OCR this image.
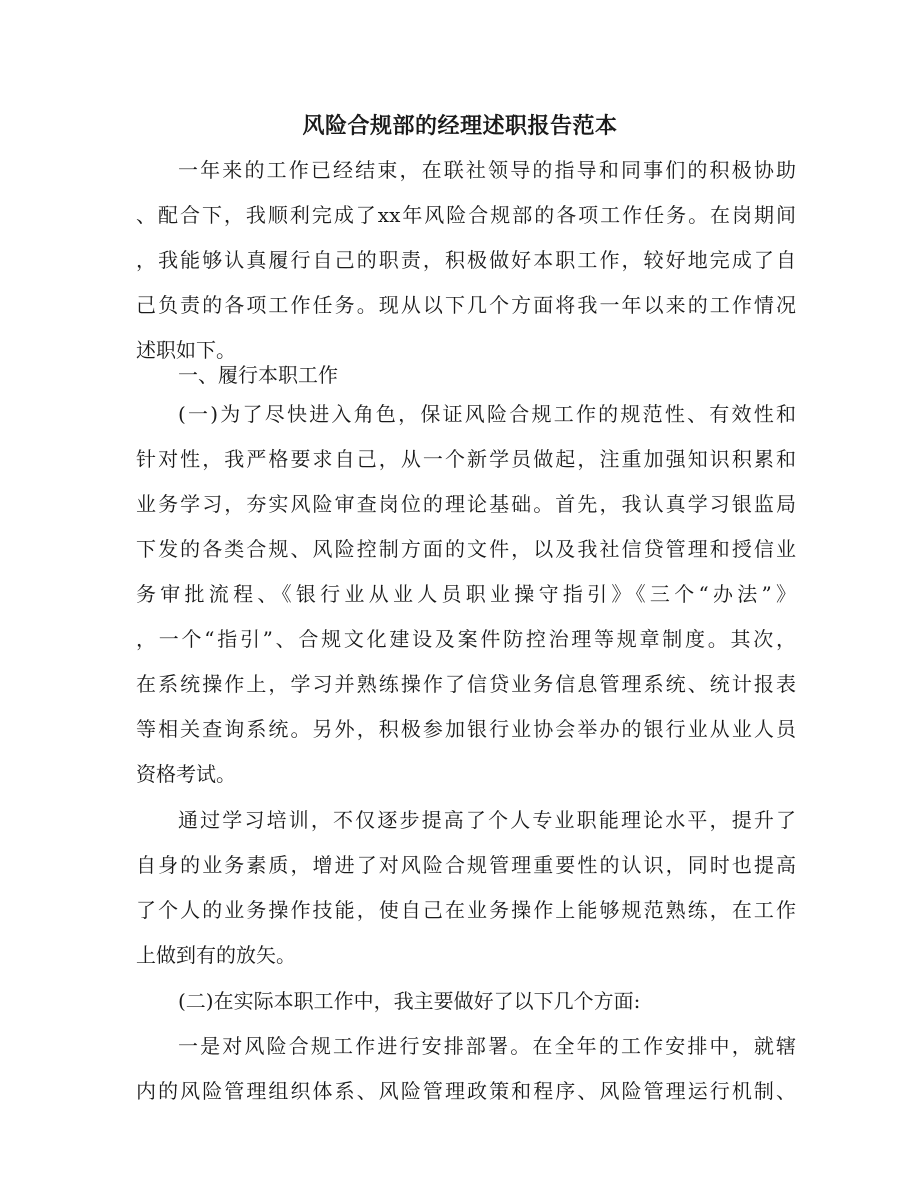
风险合规部的经理述职报告范本
一年来的工作已经结束，在联社领导的指导和同事们的积极协助
、配合下，我顺利完成了xx年风险合规部的各项工作任务。在岗期间
，我能够认真履行自己的职责，积极做好本职工作，较好地完成了自
己负责的各项工作任务。现从以下几个方面将我一年以来的工作情况
述职如下。
一、履行本职工作
(一)为了尽快进入角色，保证风险合规工作的规范性、有效性和
针对性，我严格要求自己，从一个新学员做起，注重加强知识积累和
业务学习，夯实风险审查岗位的理论基础。首先，我认真学习银监局
下发的各类合规、风险控制方面的文件，以及我社信贷管理和授信业
务审批流程、《银行业从业人员职业操守指引》《三个“办法”》
，一个“指引”、合规文化建设及案件防控治理等规章制度。其次，
在系统操作上，学习并熟练操作了信贷业务信息管理系统、统计报表
等相关查询系统。另外，积极参加银行业协会举办的银行业从业人员
资格考试。
通过学习培训，不仅逐步提高了个人专业职能理论水平，提升了
自身的业务素质，增进了对风险合规管理重要性的认识，同时也提高
了个人的业务操作技能，使自己在业务操作上能够规范熟练，在工作
上做到有的放矢。
(二)在实际本职工作中，我主要做好了以下几个方面:
一是对风险合规工作进行安排部署。在全年的工作安排中，就辖
内的风险管理组织体系、风险管理政策和程序、风险管理运行机制、
